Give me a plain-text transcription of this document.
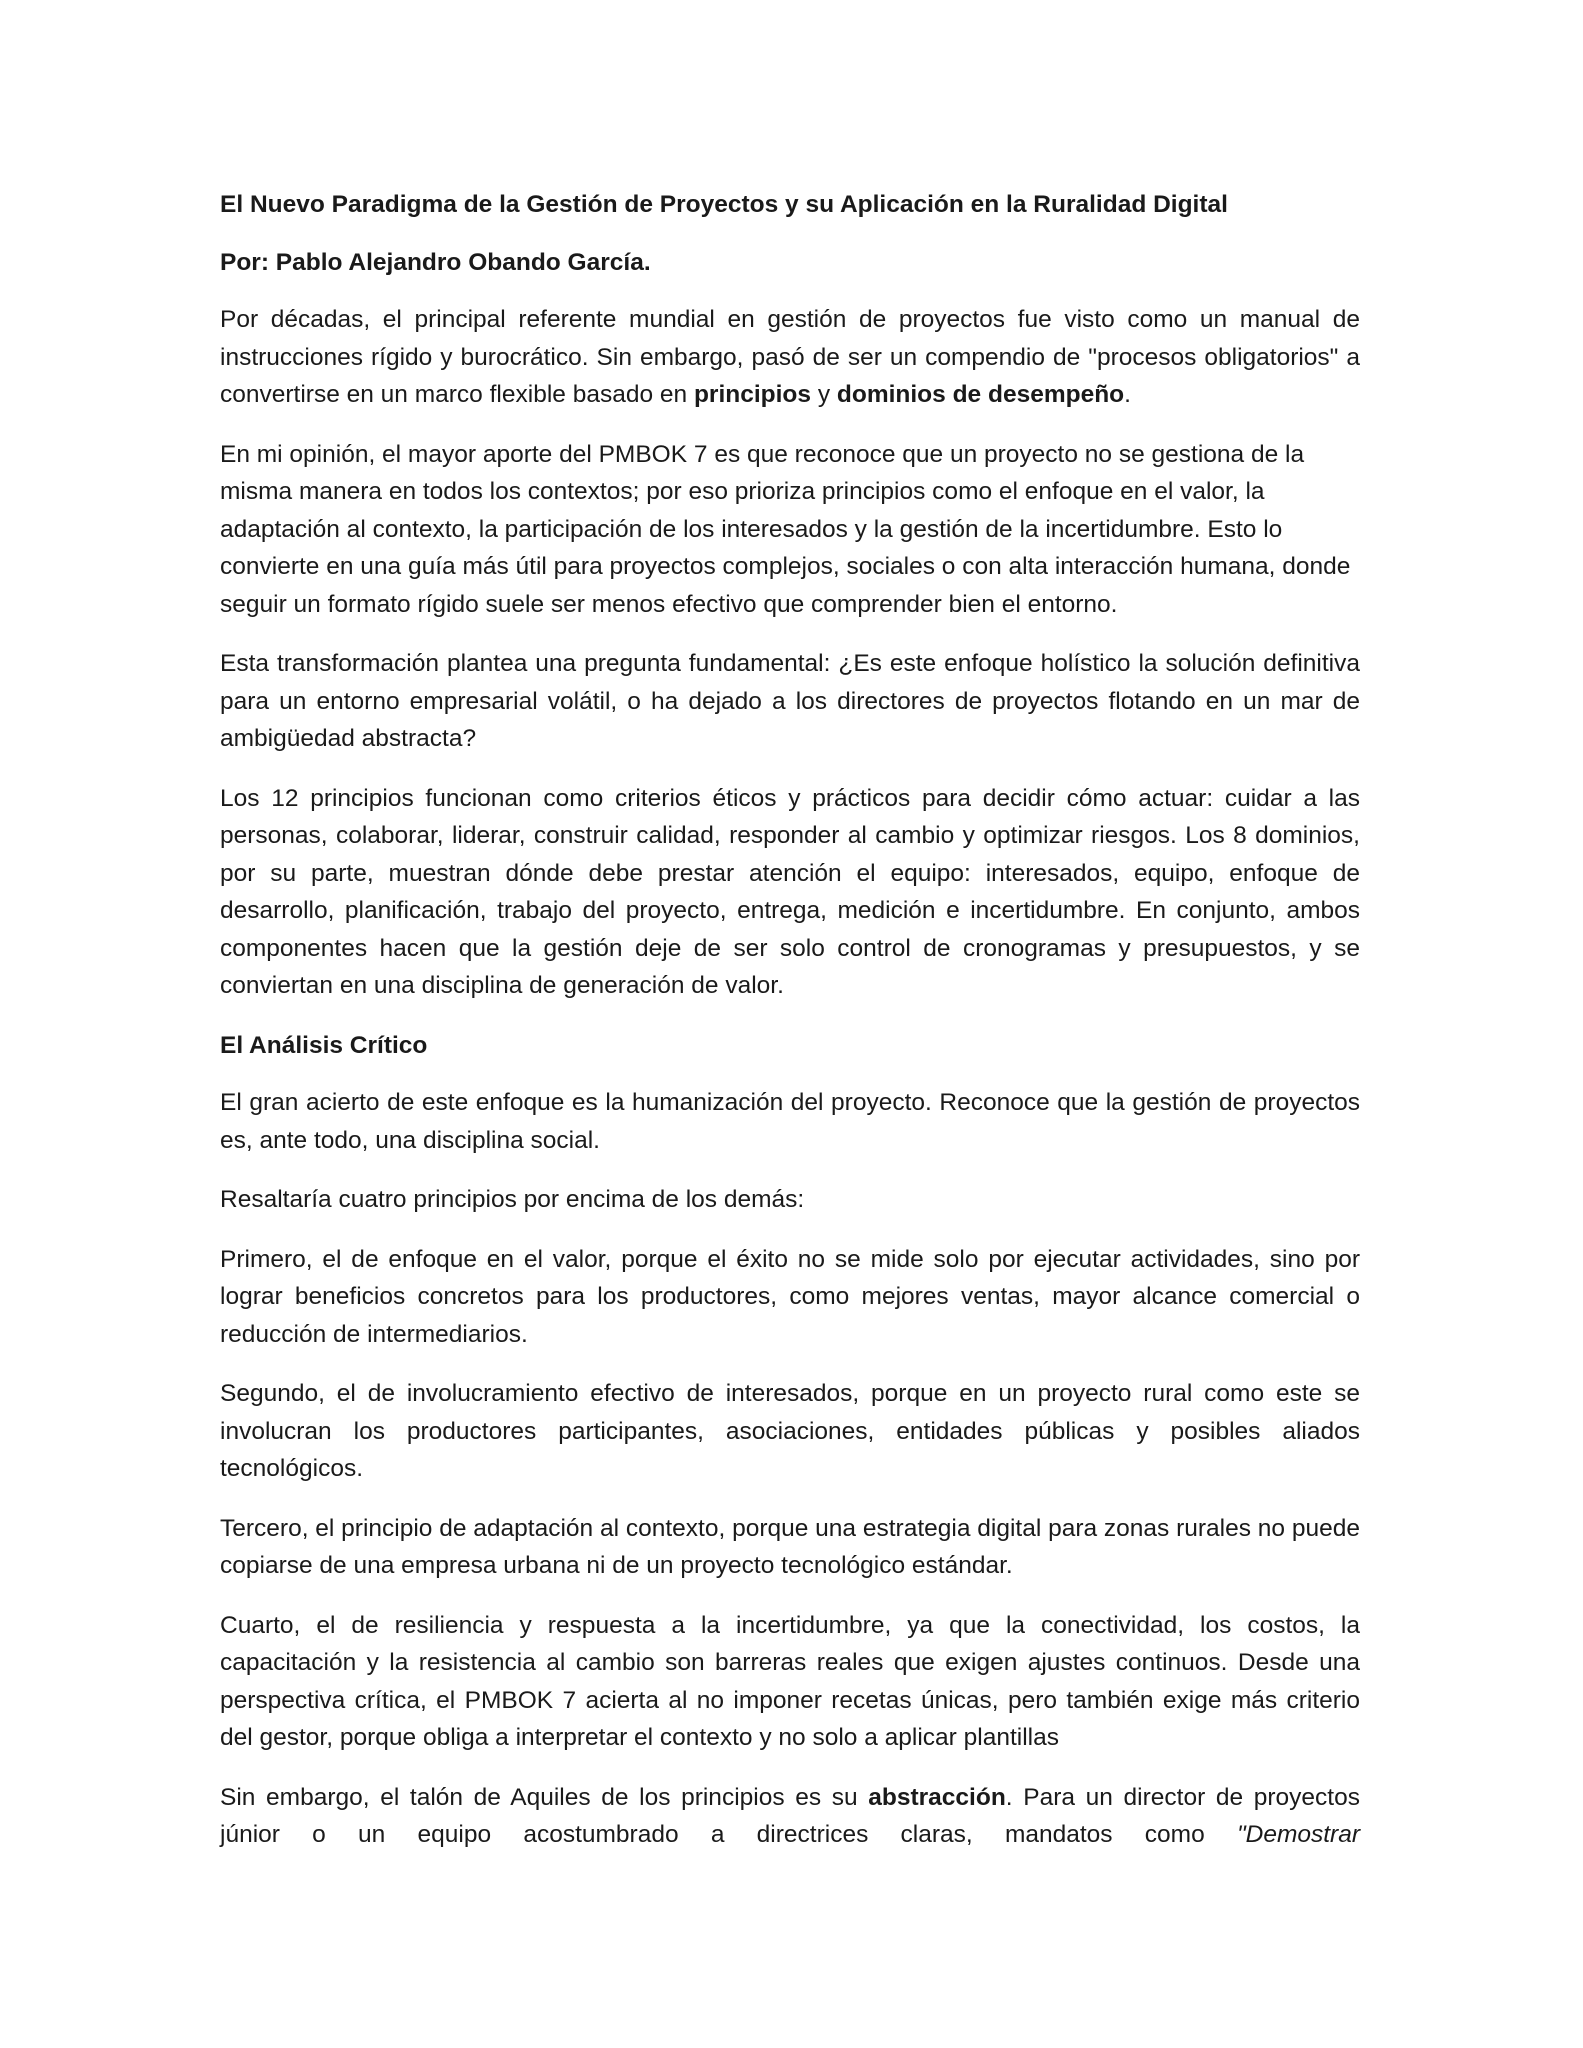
El Nuevo Paradigma de la Gestión de Proyectos y su Aplicación en la Ruralidad Digital
Por: Pablo Alejandro Obando García.

Por décadas, el principal referente mundial en gestión de proyectos fue visto como un manual de instrucciones rígido y burocrático. Sin embargo, pasó de ser un compendio de "procesos obligatorios" a convertirse en un marco flexible basado en principios y dominios de desempeño.

En mi opinión, el mayor aporte del PMBOK 7 es que reconoce que un proyecto no se gestiona de la misma manera en todos los contextos; por eso prioriza principios como el enfoque en el valor, la adaptación al contexto, la participación de los interesados y la gestión de la incertidumbre. Esto lo convierte en una guía más útil para proyectos complejos, sociales o con alta interacción humana, donde seguir un formato rígido suele ser menos efectivo que comprender bien el entorno.

Esta transformación plantea una pregunta fundamental: ¿Es este enfoque holístico la solución definitiva para un entorno empresarial volátil, o ha dejado a los directores de proyectos flotando en un mar de ambigüedad abstracta?

Los 12 principios funcionan como criterios éticos y prácticos para decidir cómo actuar: cuidar a las personas, colaborar, liderar, construir calidad, responder al cambio y optimizar riesgos. Los 8 dominios, por su parte, muestran dónde debe prestar atención el equipo: interesados, equipo, enfoque de desarrollo, planificación, trabajo del proyecto, entrega, medición e incertidumbre. En conjunto, ambos componentes hacen que la gestión deje de ser solo control de cronogramas y presupuestos, y se conviertan en una disciplina de generación de valor.

El Análisis Crítico

El gran acierto de este enfoque es la humanización del proyecto. Reconoce que la gestión de proyectos es, ante todo, una disciplina social.

Resaltaría cuatro principios por encima de los demás:

Primero, el de enfoque en el valor, porque el éxito no se mide solo por ejecutar actividades, sino por lograr beneficios concretos para los productores, como mejores ventas, mayor alcance comercial o reducción de intermediarios.

Segundo, el de involucramiento efectivo de interesados, porque en un proyecto rural como este se involucran los productores participantes, asociaciones, entidades públicas y posibles aliados tecnológicos.

Tercero, el principio de adaptación al contexto, porque una estrategia digital para zonas rurales no puede copiarse de una empresa urbana ni de un proyecto tecnológico estándar.

Cuarto, el de resiliencia y respuesta a la incertidumbre, ya que la conectividad, los costos, la capacitación y la resistencia al cambio son barreras reales que exigen ajustes continuos. Desde una perspectiva crítica, el PMBOK 7 acierta al no imponer recetas únicas, pero también exige más criterio del gestor, porque obliga a interpretar el contexto y no solo a aplicar plantillas

Sin embargo, el talón de Aquiles de los principios es su abstracción. Para un director de proyectos júnior o un equipo acostumbrado a directrices claras, mandatos como "Demostrar
